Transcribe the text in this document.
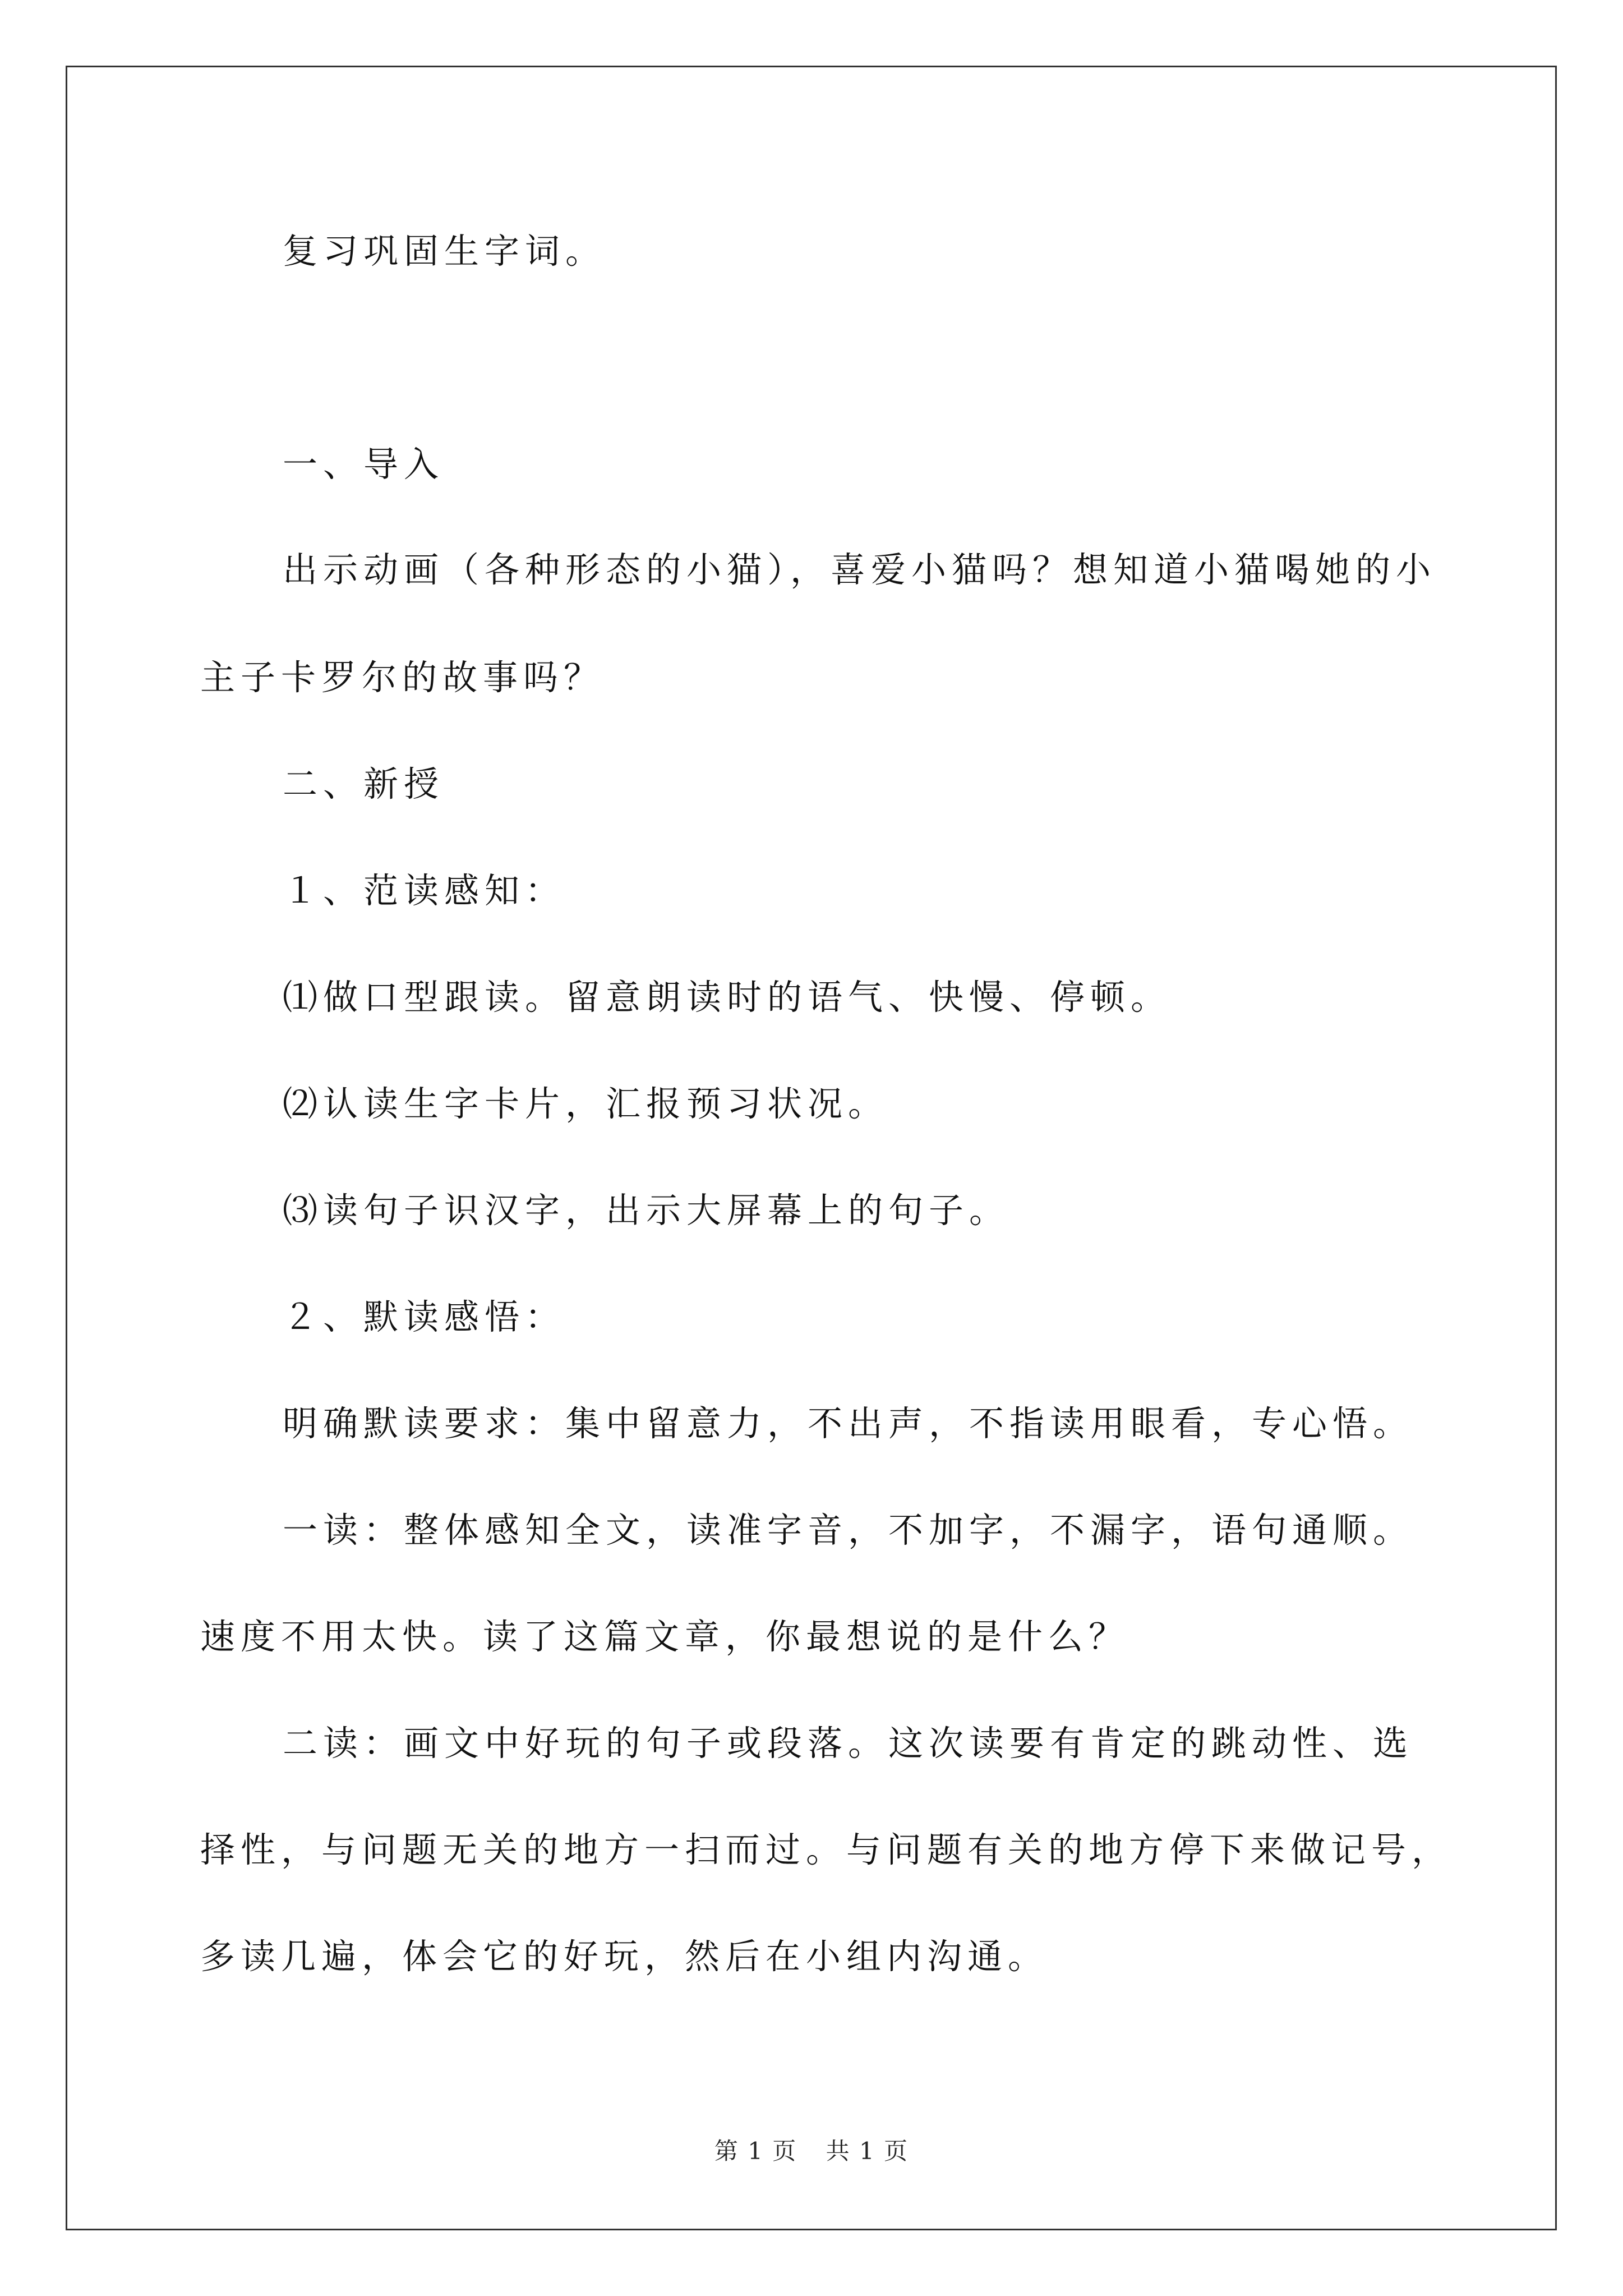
复习巩固生字词。
一、导入
出示动画（各种形态的小猫），喜爱小猫吗？想知道小猫喝她的小
主子卡罗尔的故事吗？
二、新授
１、范读感知：
⑴做口型跟读。留意朗读时的语气、快慢、停顿。
⑵认读生字卡片，汇报预习状况。
⑶读句子识汉字，出示大屏幕上的句子。
２、默读感悟：
明确默读要求：集中留意力，不出声，不指读用眼看，专心悟。
一读：整体感知全文，读准字音，不加字，不漏字，语句通顺。
速度不用太快。读了这篇文章，你最想说的是什么？
二读：画文中好玩的句子或段落。这次读要有肯定的跳动性、选
择性，与问题无关的地方一扫而过。与问题有关的地方停下来做记号，
多读几遍，体会它的好玩，然后在小组内沟通。
第 1 页 共 1 页
